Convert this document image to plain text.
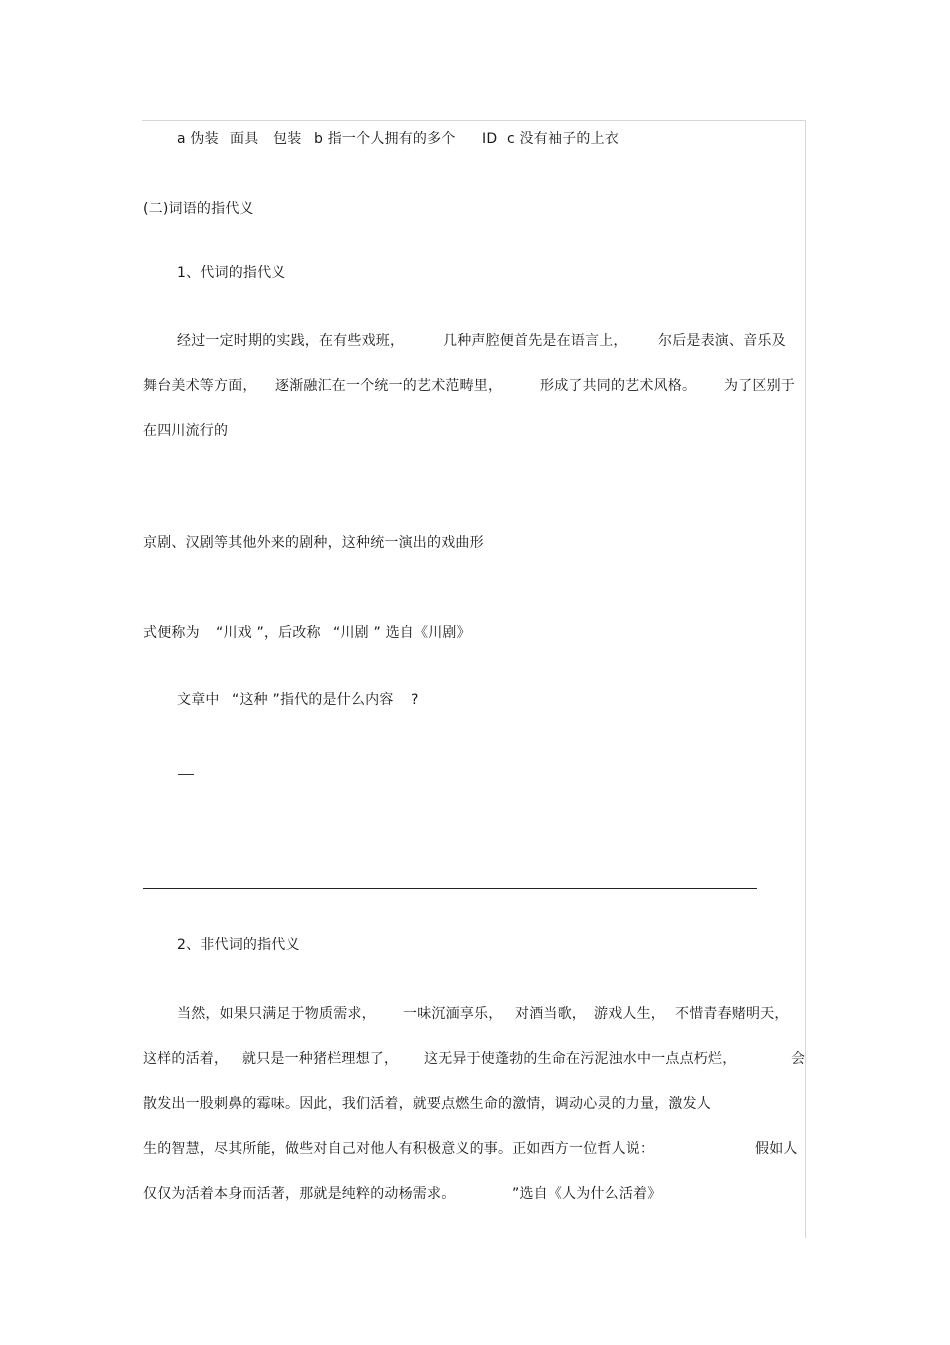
a 伪装 面具 包装 b 指一个人拥有的多个 ID c 没有袖子的上衣
(二)词语的指代义
1、代词的指代义
经过一定时期的实践，在有些戏班，	几种声腔便首先是在语言上， 尔后是表演、音乐及
舞台美术等方面， 逐渐融汇在一个统一的艺术范畴里，	形成了共同的艺术风格。 为了区别于
在四川流行的
京剧、汉剧等其他外来的剧种，这种统一演出的戏曲形
式便称为 “川戏 ”，后改称 “川剧 ” 选自《川剧》
文章中 “这种 ”指代的是什么内容 ?
2、非代词的指代义
当然，如果只满足于物质需求， 一味沉湎享乐， 对酒当歌， 游戏人生， 不惜青春赌明天，
这样的活着， 就只是一种猪栏理想了， 这无异于使蓬勃的生命在污泥浊水中一点点朽烂，	会
散发出一股刺鼻的霉味。因此，我们活着，就要点燃生命的激情，调动心灵的力量，激发人
生的智慧，尽其所能，做些对自己对他人有积极意义的事。正如西方一位哲人说：	假如人
仅仅为活着本身而活著，那就是纯粹的动杨需求。	”选自《人为什么活着》
